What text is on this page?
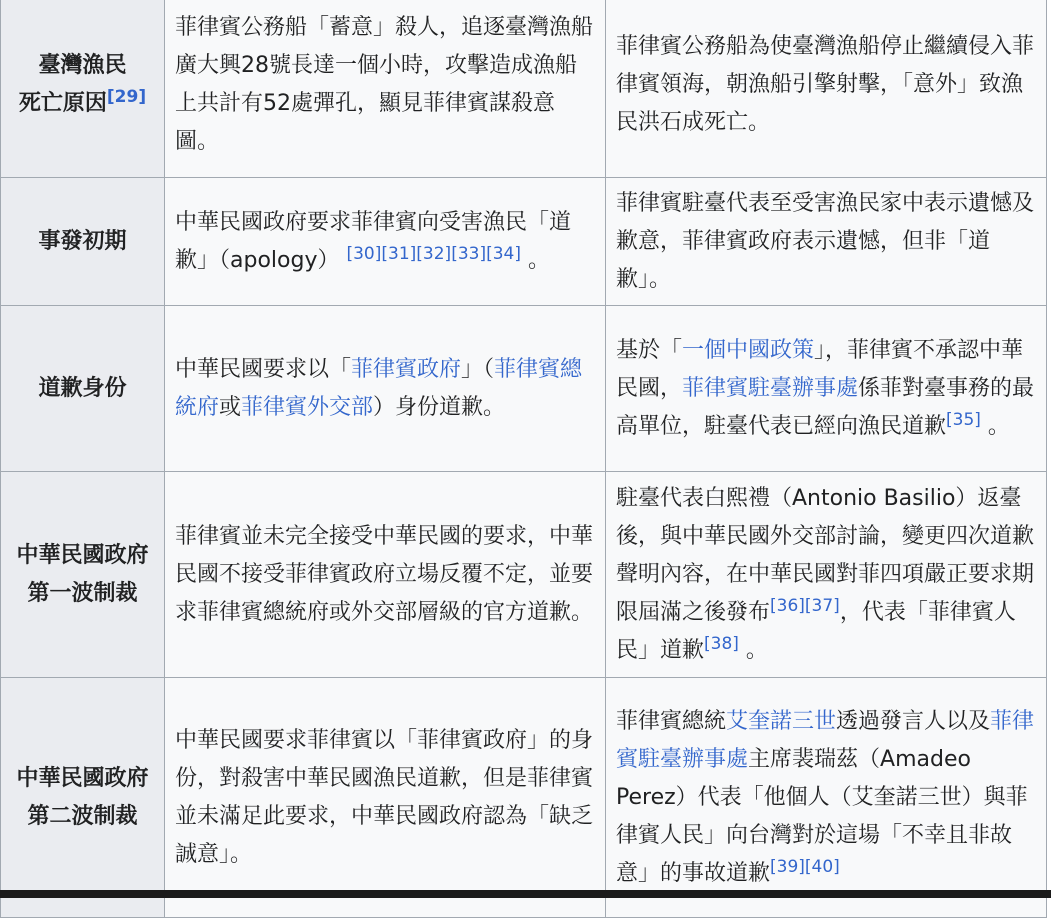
臺灣漁民
死亡原因[29]	菲律賓公務船「蓄意」殺人，追逐臺灣漁船廣大興28號長達一個小時，攻擊造成漁船上共計有52處彈孔，顯見菲律賓謀殺意圖。	菲律賓公務船為使臺灣漁船停止繼續侵入菲律賓領海，朝漁船引擎射擊，「意外」致漁民洪石成死亡。
事發初期	中華民國政府要求菲律賓向受害漁民「道歉」（apology） [30][31][32][33][34] 。	菲律賓駐臺代表至受害漁民家中表示遺憾及歉意，菲律賓政府表示遺憾，但非「道歉」。
道歉身份	中華民國要求以「菲律賓政府」（菲律賓總統府或菲律賓外交部）身份道歉。	基於「一個中國政策」，菲律賓不承認中華民國，菲律賓駐臺辦事處係菲對臺事務的最高單位，駐臺代表已經向漁民道歉[35] 。
中華民國政府
第一波制裁	菲律賓並未完全接受中華民國的要求，中華民國不接受菲律賓政府立場反覆不定，並要求菲律賓總統府或外交部層級的官方道歉。	駐臺代表白熙禮（Antonio Basilio）返臺後，與中華民國外交部討論，變更四次道歉聲明內容，在中華民國對菲四項嚴正要求期限屆滿之後發布[36][37]，代表「菲律賓人民」道歉[38] 。
中華民國政府
第二波制裁	中華民國要求菲律賓以「菲律賓政府」的身份，對殺害中華民國漁民道歉，但是菲律賓並未滿足此要求，中華民國政府認為「缺乏誠意」。	菲律賓總統艾奎諾三世透過發言人以及菲律賓駐臺辦事處主席裴瑞茲（Amadeo Perez）代表「他個人（艾奎諾三世）與菲律賓人民」向台灣對於這場「不幸且非故意」的事故道歉[39][40]
